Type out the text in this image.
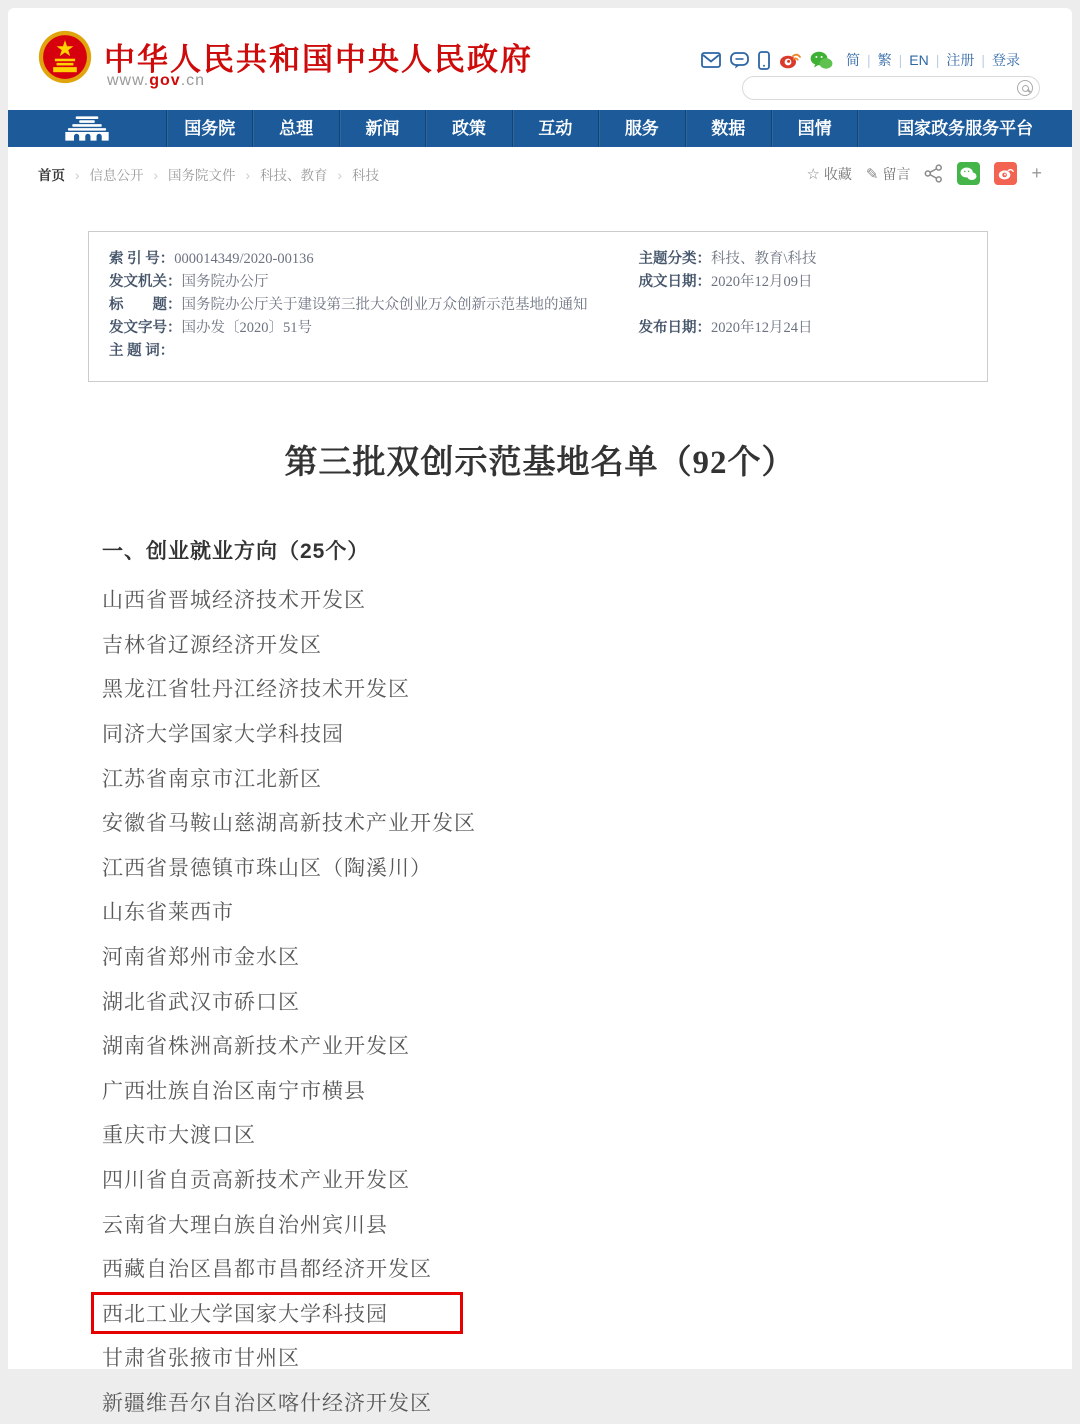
中华人民共和国中央人民政府
www.gov.cn
简	| 繁	| EN	| 注册	| 登录
国务院	总理	新闻	政策	互动	服务	数据	国情	国家政务服务平台
首页	› 信息公开	› 国务院文件	› 科技、教育	› 科技	☆ 收藏 ✎ 留言	+
索 引 号： 000014349/2020-00136
发文机关： 国务院办公厅
标　　题： 国务院办公厅关于建设第三批大众创业万众创新示范基地的通知
发文字号： 国办发〔2020〕51号
主 题 词：
主题分类： 科技、教育\科技
成文日期： 2020年12月09日
发布日期： 2020年12月24日
第三批双创示范基地名单（92个）
一、创业就业方向（25个）
山西省晋城经济技术开发区
吉林省辽源经济开发区
黑龙江省牡丹江经济技术开发区
同济大学国家大学科技园
江苏省南京市江北新区
安徽省马鞍山慈湖高新技术产业开发区
江西省景德镇市珠山区（陶溪川）
山东省莱西市
河南省郑州市金水区
湖北省武汉市硚口区
湖南省株洲高新技术产业开发区
广西壮族自治区南宁市横县
重庆市大渡口区
四川省自贡高新技术产业开发区
云南省大理白族自治州宾川县
西藏自治区昌都市昌都经济开发区
西北工业大学国家大学科技园
甘肃省张掖市甘州区
新疆维吾尔自治区喀什经济开发区
